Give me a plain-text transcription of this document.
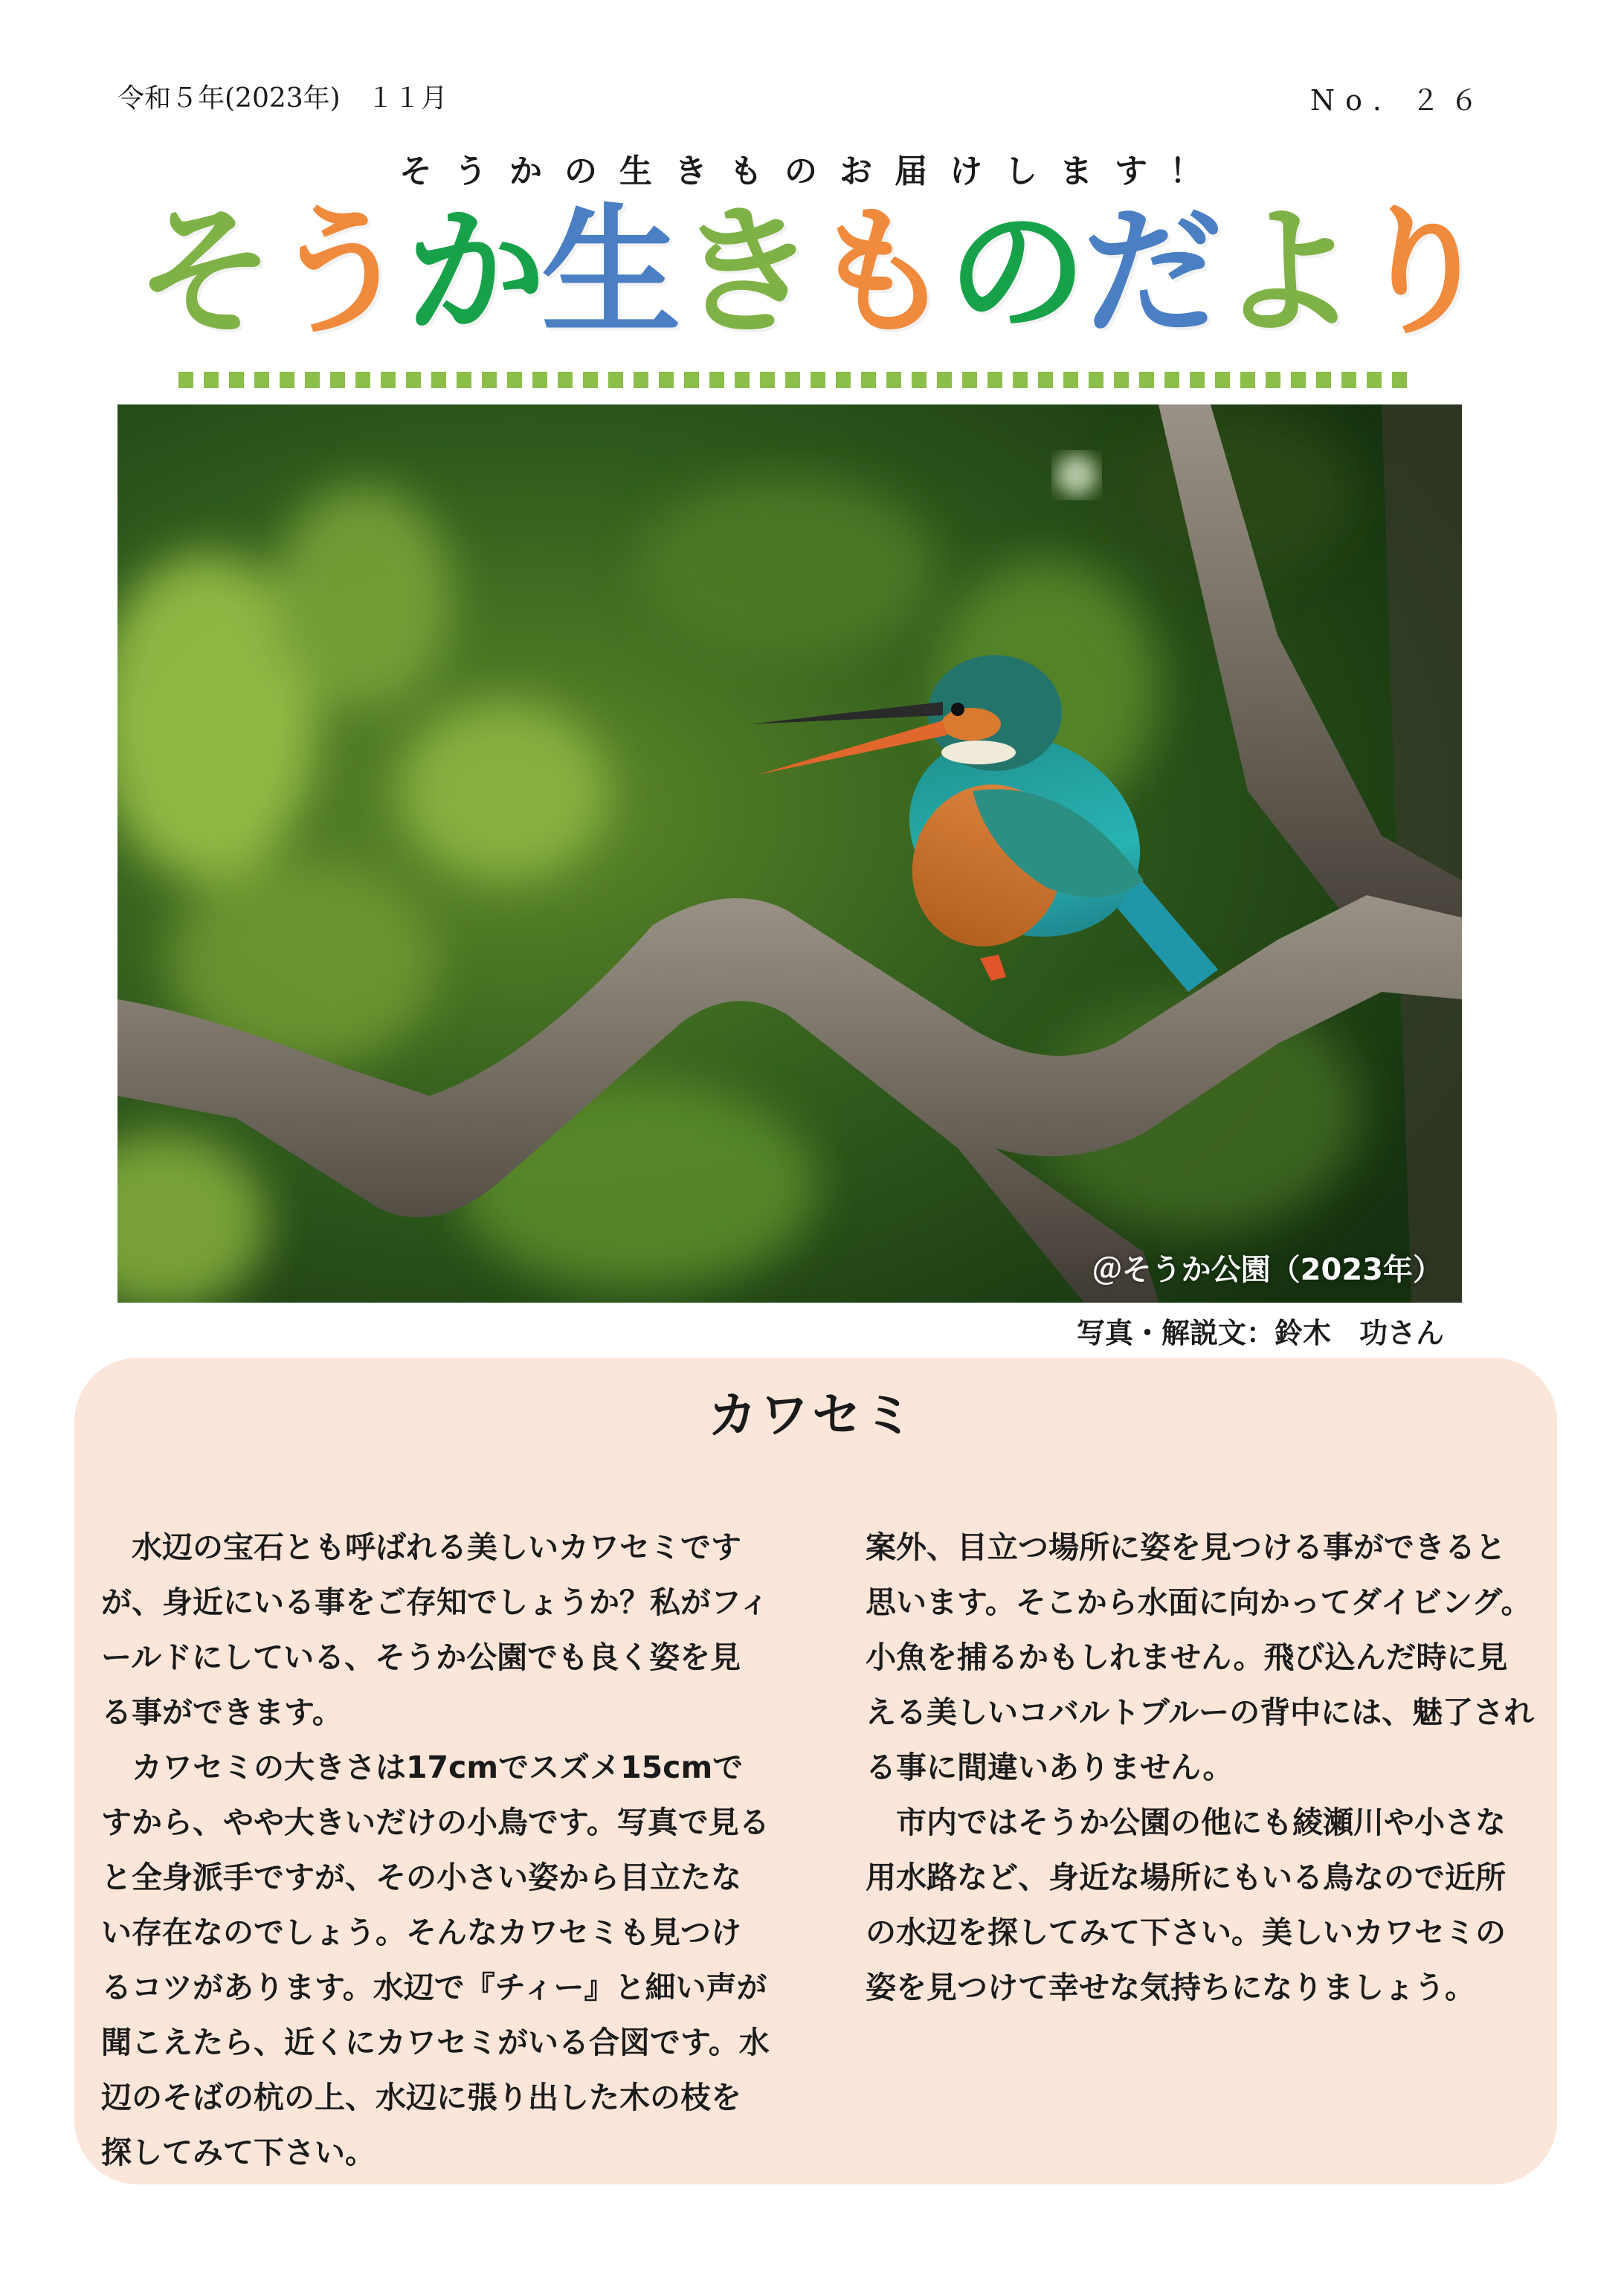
令和５年(2023年)　１１月	No．２６
そうかの生きものお届けします！
そうか生きものだより
＠そうか公園（2023年）
写真・解説文：鈴木　功さん
カワセミ

水辺の宝石とも呼ばれる美しいカワセミですが、身近にいる事をご存知でしょうか？私がフィールドにしている、そうか公園でも良く姿を見る事ができます。

カワセミの大きさは17cmでスズメ15cmですから、やや大きいだけの小鳥です。写真で見ると全身派手ですが、その小さい姿から目立たない存在なのでしょう。そんなカワセミも見つけるコツがあります。水辺で『チィー』と細い声が聞こえたら、近くにカワセミがいる合図です。水辺のそばの杭の上、水辺に張り出した木の枝を探してみて下さい。

案外、目立つ場所に姿を見つける事ができると思います。そこから水面に向かってダイビング。小魚を捕るかもしれません。飛び込んだ時に見える美しいコバルトブルーの背中には、魅了される事に間違いありません。

市内ではそうか公園の他にも綾瀬川や小さな用水路など、身近な場所にもいる鳥なので近所の水辺を探してみて下さい。美しいカワセミの姿を見つけて幸せな気持ちになりましょう。
